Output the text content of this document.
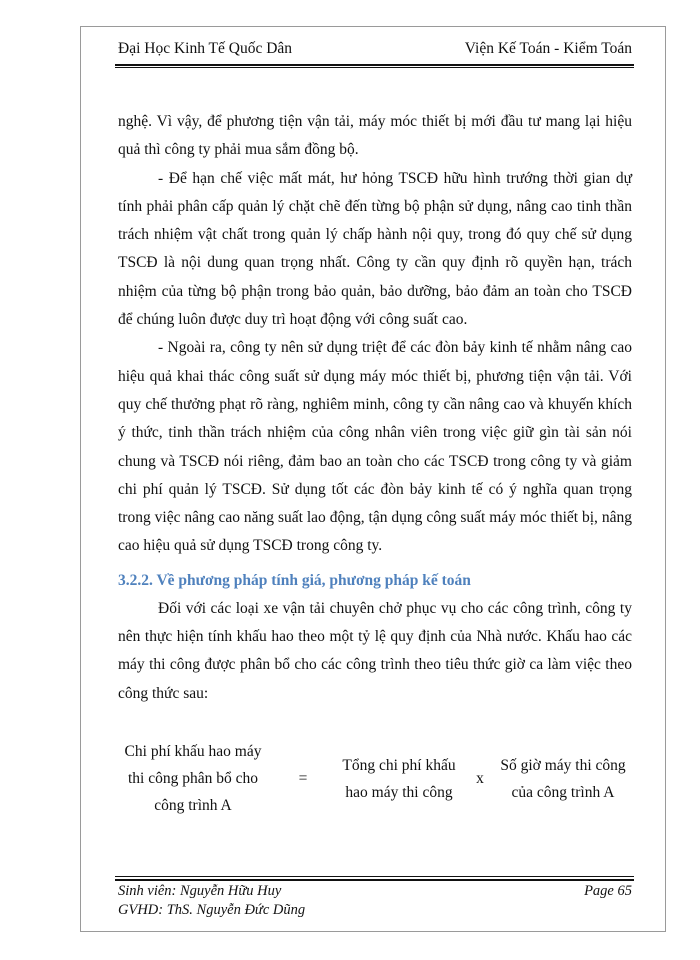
Đại Học Kinh Tế Quốc Dân	Viện Kế Toán - Kiểm Toán

nghệ. Vì vậy, để phương tiện vận tải, máy móc thiết bị mới đầu tư mang lại hiệu quả thì công ty phải mua sắm đồng bộ.

- Để hạn chế việc mất mát, hư hỏng TSCĐ hữu hình trướng thời gian dự tính phải phân cấp quản lý chặt chẽ đến từng bộ phận sử dụng, nâng cao tinh thần trách nhiệm vật chất trong quản lý chấp hành nội quy, trong đó quy chế sử dụng TSCĐ là nội dung quan trọng nhất. Công ty cần quy định rõ quyền hạn, trách nhiệm của từng bộ phận trong bảo quản, bảo dưỡng, bảo đảm an toàn cho TSCĐ để chúng luôn được duy trì hoạt động với công suất cao.

- Ngoài ra, công ty nên sử dụng triệt để các đòn bảy kinh tế nhằm nâng cao hiệu quả khai thác công suất sử dụng máy móc thiết bị, phương tiện vận tải. Với quy chế thưởng phạt rõ ràng, nghiêm minh, công ty cần nâng cao và khuyến khích ý thức, tinh thần trách nhiệm của công nhân viên trong việc giữ gìn tài sản nói chung và TSCĐ nói riêng, đảm bao an toàn cho các TSCĐ trong công ty và giảm chi phí quản lý TSCĐ. Sử dụng tốt các đòn bảy kinh tế có ý nghĩa quan trọng trong việc nâng cao năng suất lao động, tận dụng công suất máy móc thiết bị, nâng cao hiệu quả sử dụng TSCĐ trong công ty.

3.2.2. Về phương pháp tính giá, phương pháp kế toán

Đối với các loại xe vận tải chuyên chở phục vụ cho các công trình, công ty nên thực hiện tính khấu hao theo một tỷ lệ quy định của Nhà nước. Khấu hao các máy thi công được phân bổ cho các công trình theo tiêu thức giờ ca làm việc theo công thức sau:

Chi phí khấu hao máy
thi công phân bổ cho
công trình A
=
Tổng chi phí khấu
hao máy thi công
x
Số giờ máy thi công
của công trình A
Sinh viên: Nguyễn Hữu Huy
GVHD: ThS. Nguyễn Đức Dũng
Page 65
